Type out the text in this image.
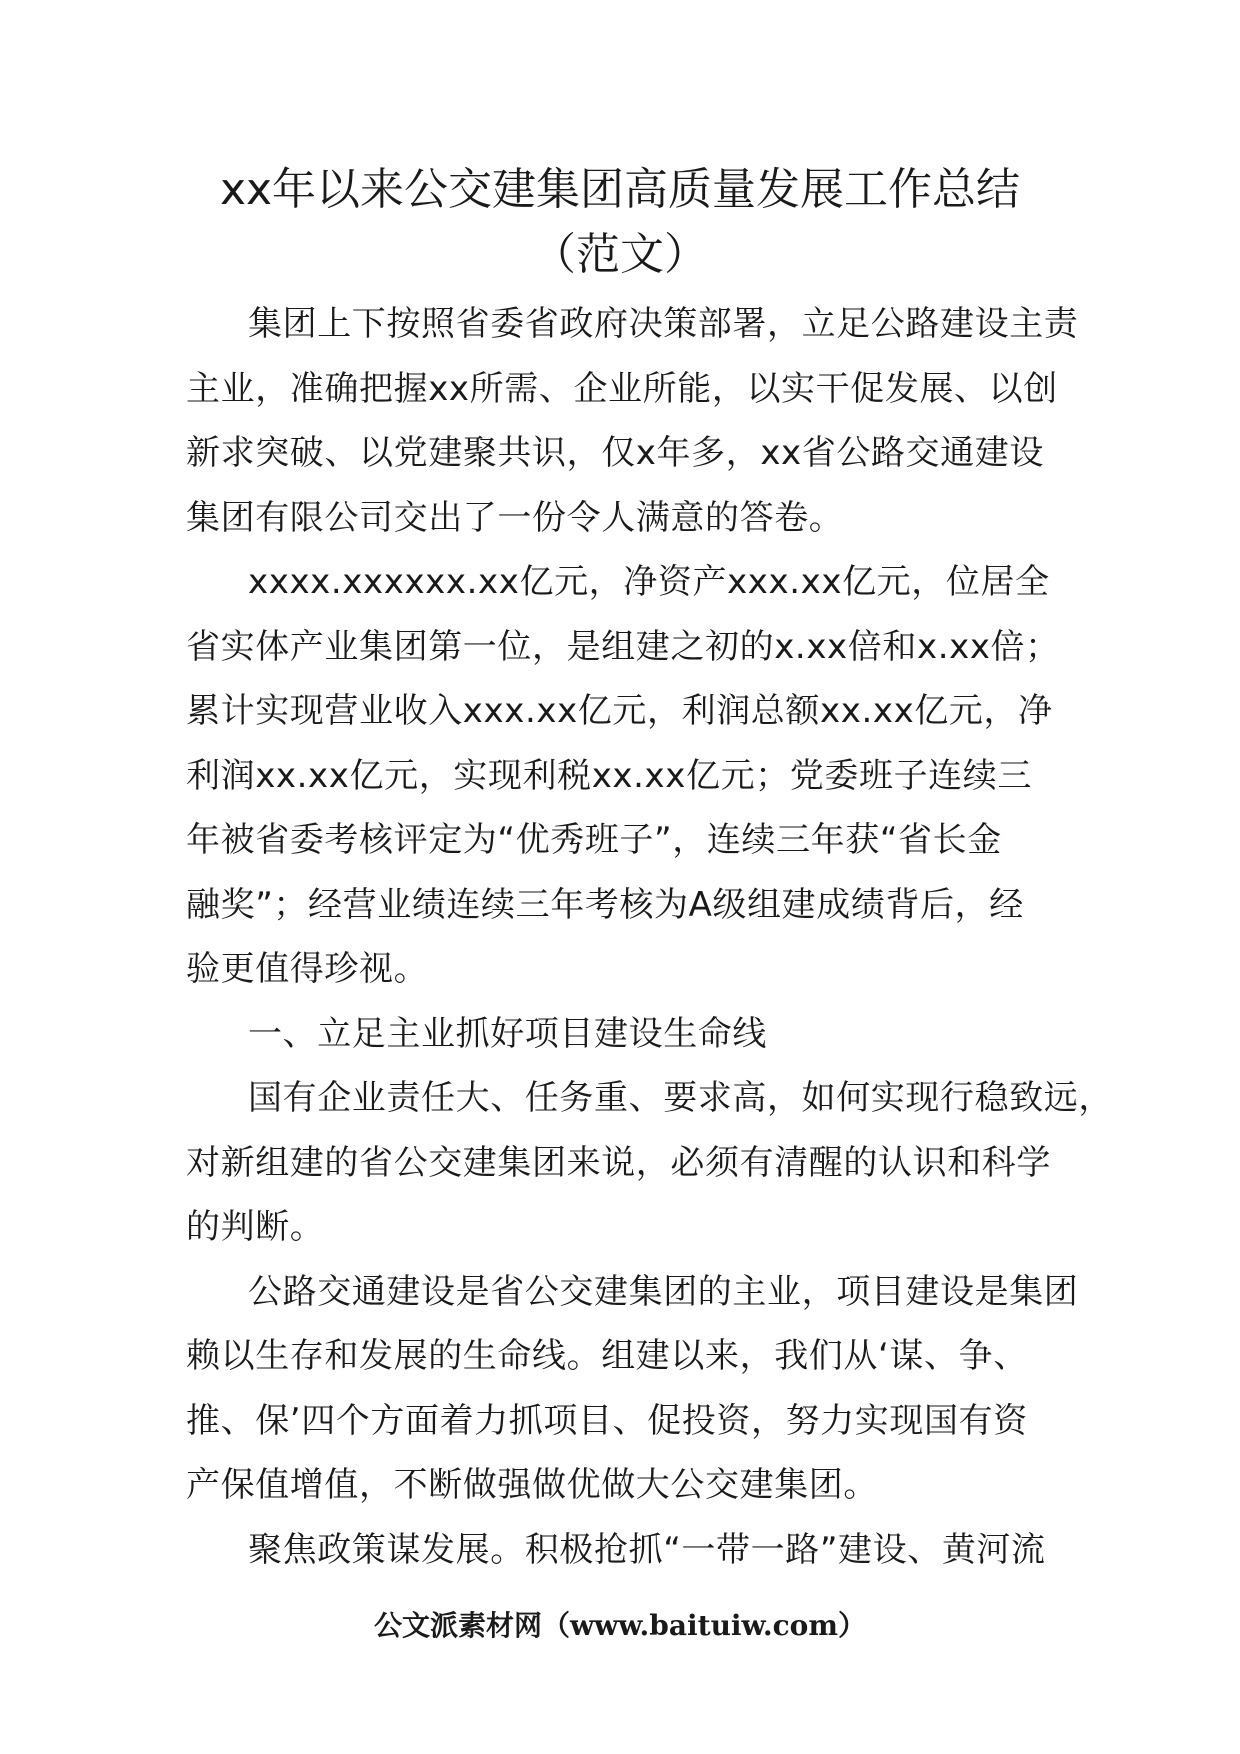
xx年以来公交建集团高质量发展工作总结
（范文）

集团上下按照省委省政府决策部署，立足公路建设主责
主业，准确把握xx所需、企业所能，以实干促发展、以创
新求突破、以党建聚共识，仅x年多，xx省公路交通建设
集团有限公司交出了一份令人满意的答卷。

xxxx.xxxxxx.xx亿元，净资产xxx.xx亿元，位居全
省实体产业集团第一位，是组建之初的x.xx倍和x.xx倍；
累计实现营业收入xxx.xx亿元，利润总额xx.xx亿元，净
利润xx.xx亿元，实现利税xx.xx亿元；党委班子连续三
年被省委考核评定为“优秀班子”，连续三年获“省长金
融奖”；经营业绩连续三年考核为A级组建成绩背后，经
验更值得珍视。

一、立足主业抓好项目建设生命线

国有企业责任大、任务重、要求高，如何实现行稳致远，
对新组建的省公交建集团来说，必须有清醒的认识和科学
的判断。

公路交通建设是省公交建集团的主业，项目建设是集团
赖以生存和发展的生命线。组建以来，我们从‘谋、争、
推、保’四个方面着力抓项目、促投资，努力实现国有资
产保值增值，不断做强做优做大公交建集团。

聚焦政策谋发展。积极抢抓“一带一路”建设、黄河流

公文派素材网（www.baituiw.com）
